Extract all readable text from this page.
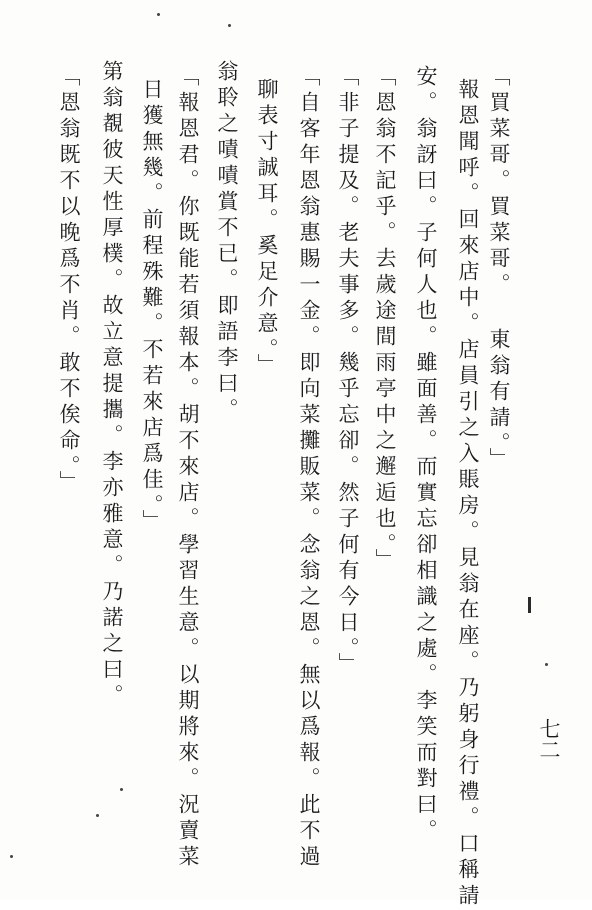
「買菜哥。買菜哥。 東翁有請。」
報恩聞呼。回來店中。店員引之入賬房。見翁在座。乃躬身行禮。口稱請
安。翁訝曰。子何人也。雖面善。而實忘卻相識之處。李笑而對曰。
「恩翁不記乎。去歲途間雨亭中之邂逅也。」
「非子提及。老夫事多。幾乎忘卻。然子何有今日。」
「自客年恩翁惠賜一金。即向菜攤販菜。念翁之恩。無以爲報。此不過
聊表寸誠耳。奚足介意。」
翁聆之嘖嘖賞不已。即語李曰。
「報恩君。你既能若須報本。胡不來店。學習生意。以期將來。況賣菜
日獲無幾。前程殊難。不若來店爲佳。」
第翁覩彼天性厚樸。故立意提攜。李亦雅意。乃諾之曰。
「恩翁既不以晚爲不肖。敢不俟命。」
七二
